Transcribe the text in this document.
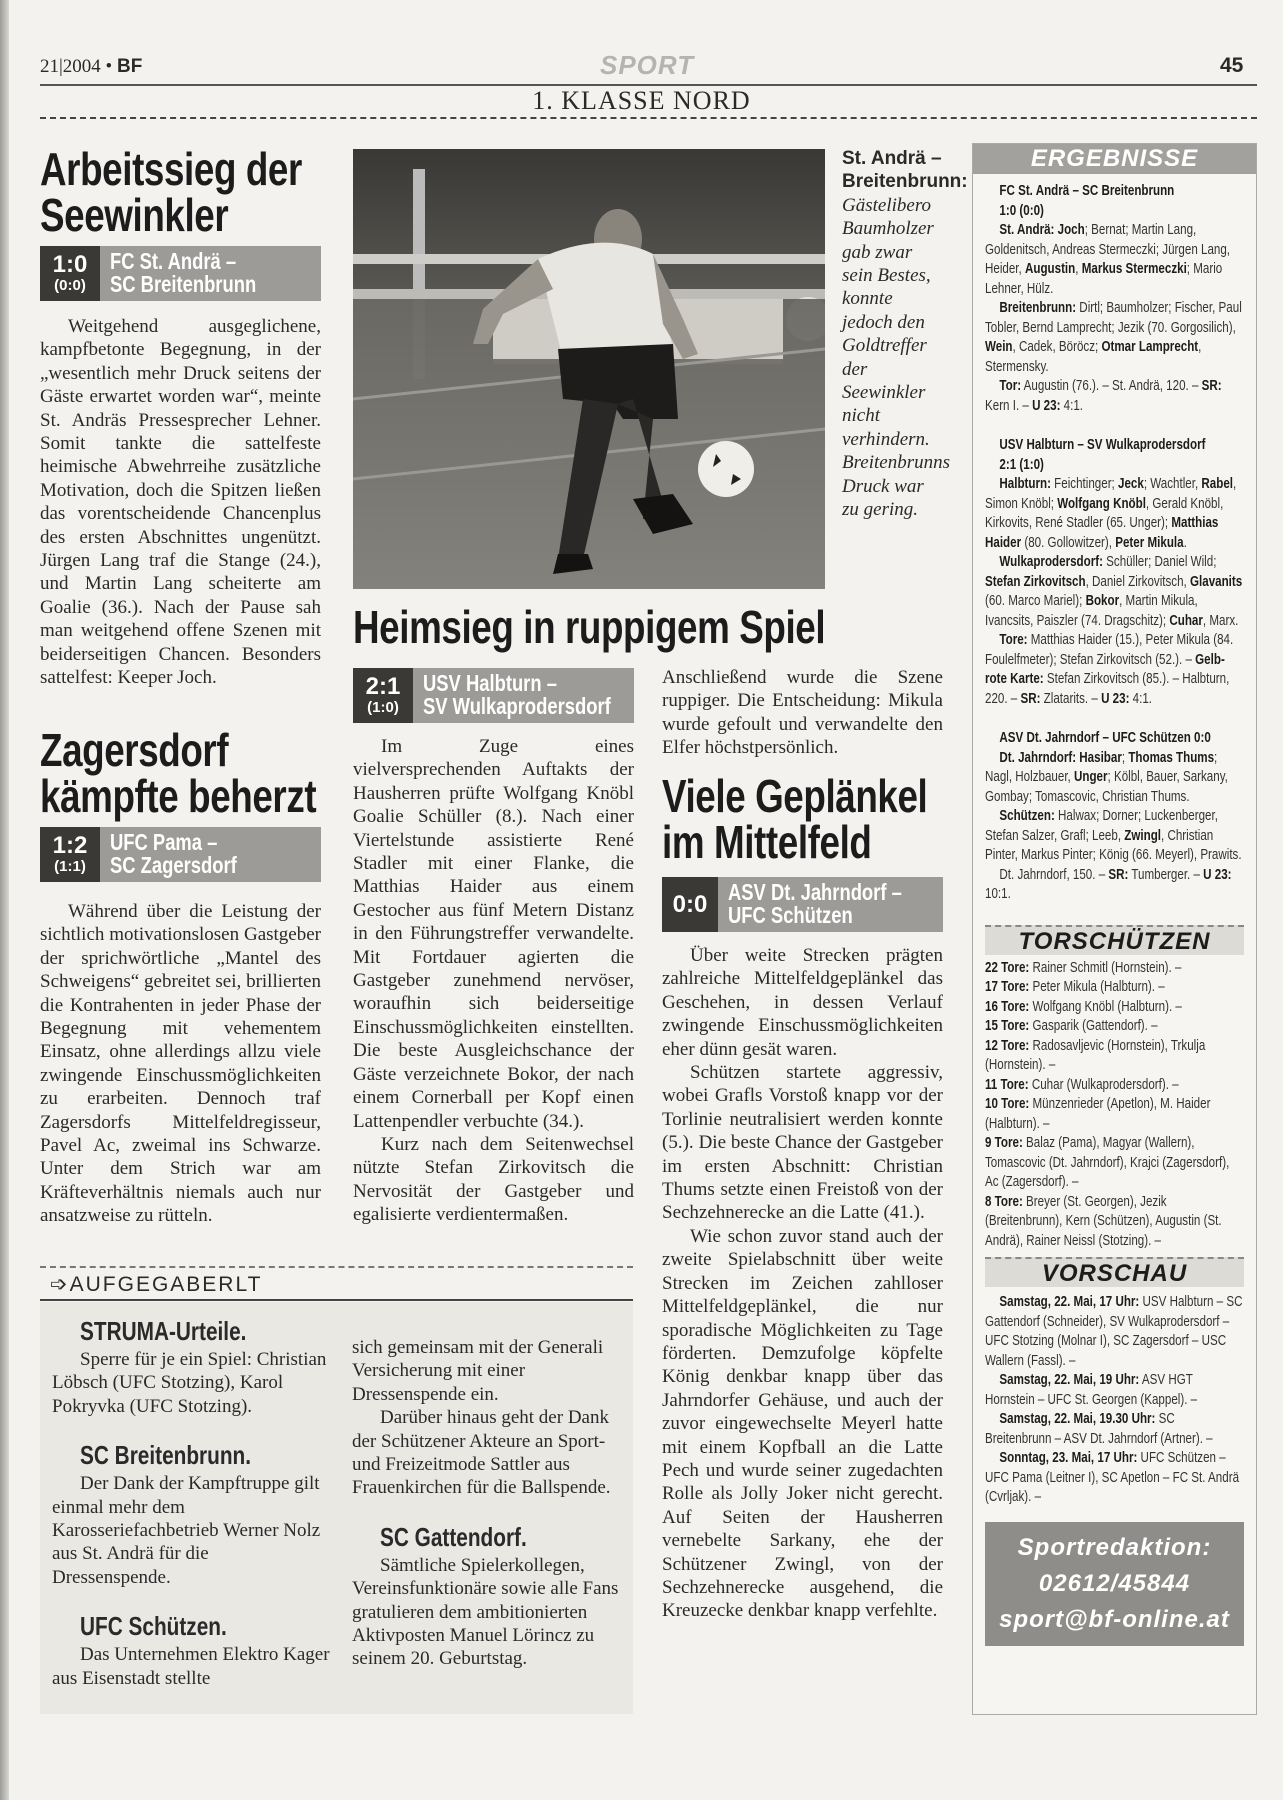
21|2004 • BF	SPORT	45
1. KLASSE NORD
Arbeitssieg der
Seewinkler
1:0
(0:0)
FC St. Andrä –
SC Breitenbrunn

Weitgehend ausgeglichene, kampfbetonte Begegnung, in der „wesentlich mehr Druck seitens der Gäste erwartet worden war“, meinte St. Andräs Pressesprecher Lehner. Somit tankte die sattelfeste heimische Abwehrreihe zusätzliche Motivation, doch die Spitzen ließen das vorentscheidende Chancenplus des ersten Abschnittes ungenützt. Jürgen Lang traf die Stange (24.), und Martin Lang scheiterte am Goalie (36.). Nach der Pause sah man weitgehend offene Szenen mit beiderseitigen Chancen. Besonders sattelfest: Keeper Joch.

Zagersdorf
kämpfte beherzt
1:2
(1:1)
UFC Pama –
SC Zagersdorf

Während über die Leistung der sichtlich motivationslosen Gastgeber der sprichwörtliche „Mantel des Schweigens“ gebreitet sei, brillierten die Kontrahenten in jeder Phase der Begegnung mit vehementem Einsatz, ohne allerdings allzu viele zwingende Einschussmöglichkeiten zu erarbeiten. Dennoch traf Zagersdorfs Mittelfeldregisseur, Pavel Ac, zweimal ins Schwarze. Unter dem Strich war am Kräfteverhältnis niemals auch nur ansatzweise zu rütteln.

St. Andrä – Breitenbrunn: Gästelibero Baumholzer gab zwar sein Bestes, konnte jedoch den Goldtreffer der Seewinkler nicht verhindern. Breitenbrunns Druck war zu gering.
Heimsieg in ruppigem Spiel
2:1
(1:0)
USV Halbturn –
SV Wulkaprodersdorf

Im Zuge eines vielversprechenden Auftakts der Hausherren prüfte Wolfgang Knöbl Goalie Schüller (8.). Nach einer Viertelstunde assistierte René Stadler mit einer Flanke, die Matthias Haider aus einem Gestocher aus fünf Metern Distanz in den Führungstreffer verwandelte. Mit Fortdauer agierten die Gastgeber zunehmend nervöser, woraufhin sich beiderseitige Einschussmöglichkeiten einstellten. Die beste Ausgleichschance der Gäste verzeichnete Bokor, der nach einem Cornerball per Kopf einen Lattenpendler verbuchte (34.).

Kurz nach dem Seitenwechsel nützte Stefan Zirkovitsch die Nervosität der Gastgeber und egalisierte verdientermaßen.

Anschließend wurde die Szene ruppiger. Die Entscheidung: Mikula wurde gefoult und verwandelte den Elfer höchstpersönlich.

Viele Geplänkel
im Mittelfeld
0:0 ASV Dt. Jahrndorf –
UFC Schützen

Über weite Strecken prägten zahlreiche Mittelfeldgeplänkel das Geschehen, in dessen Verlauf zwingende Einschussmöglichkeiten eher dünn gesät waren.

Schützen startete aggressiv, wobei Grafls Vorstoß knapp vor der Torlinie neutralisiert werden konnte (5.). Die beste Chance der Gastgeber im ersten Abschnitt: Christian Thums setzte einen Freistoß von der Sechzehnerecke an die Latte (41.).

Wie schon zuvor stand auch der zweite Spielabschnitt über weite Strecken im Zeichen zahlloser Mittelfeldgeplänkel, die nur sporadische Möglichkeiten zu Tage förderten. Demzufolge köpfelte König denkbar knapp über das Jahrndorfer Gehäuse, und auch der zuvor eingewechselte Meyerl hatte mit einem Kopfball an die Latte Pech und wurde seiner zugedachten Rolle als Jolly Joker nicht gerecht. Auf Seiten der Hausherren vernebelte Sarkany, ehe der Schützener Zwingl, von der Sechzehnerecke ausgehend, die Kreuzecke denkbar knapp verfehlte.

➩AUFGEGABERLT
STRUMA-Urteile.

Sperre für je ein Spiel: Christian Löbsch (UFC Stotzing), Karol Pokryvka (UFC Stotzing).

SC Breitenbrunn.

Der Dank der Kampftruppe gilt einmal mehr dem Karosseriefachbetrieb Werner Nolz aus St. Andrä für die Dressenspende.

UFC Schützen.

Das Unternehmen Elektro Kager aus Eisenstadt stellte

sich gemeinsam mit der Generali Versicherung mit einer Dressenspende ein.

Darüber hinaus geht der Dank der Schützener Akteure an Sport- und Freizeitmode Sattler aus Frauenkirchen für die Ballspende.

SC Gattendorf.

Sämtliche Spielerkollegen, Vereinsfunktionäre sowie alle Fans gratulieren dem ambitionierten Aktivposten Manuel Lörincz zu seinem 20. Geburtstag.

ERGEBNISSE
FC St. Andrä – SC Breitenbrunn
1:0 (0:0)

St. Andrä: Joch; Bernat; Martin Lang, Goldenitsch, Andreas Stermeczki; Jürgen Lang, Heider, Augustin, Markus Stermeczki; Mario Lehner, Hülz.

Breitenbrunn: Dirtl; Baumholzer; Fischer, Paul Tobler, Bernd Lamprecht; Jezik (70. Gorgosilich), Wein, Cadek, Böröcz; Otmar Lamprecht, Stermensky.

Tor: Augustin (76.). – St. Andrä, 120. – SR: Kern I. – U 23: 4:1.

USV Halbturn – SV Wulkaprodersdorf
2:1 (1:0)

Halbturn: Feichtinger; Jeck; Wachtler, Rabel, Simon Knöbl; Wolfgang Knöbl, Gerald Knöbl, Kirkovits, René Stadler (65. Unger); Matthias Haider (80. Gollowitzer), Peter Mikula.

Wulkaprodersdorf: Schüller; Daniel Wild; Stefan Zirkovitsch, Daniel Zirkovitsch, Glavanits (60. Marco Mariel); Bokor, Martin Mikula, Ivancsits, Paiszler (74. Dragschitz); Cuhar, Marx.

Tore: Matthias Haider (15.), Peter Mikula (84. Foulelfmeter); Stefan Zirkovitsch (52.). – Gelb-rote Karte: Stefan Zirkovitsch (85.). – Halbturn, 220. – SR: Zlatarits. – U 23: 4:1.

ASV Dt. Jahrndorf – UFC Schützen 0:0

Dt. Jahrndorf: Hasibar; Thomas Thums; Nagl, Holzbauer, Unger; Kölbl, Bauer, Sarkany, Gombay; Tomascovic, Christian Thums.

Schützen: Halwax; Dorner; Luckenberger, Stefan Salzer, Grafl; Leeb, Zwingl, Christian Pinter, Markus Pinter; König (66. Meyerl), Prawits.

Dt. Jahrndorf, 150. – SR: Tumberger. – U 23: 10:1.

TORSCHÜTZEN

22 Tore: Rainer Schmitl (Hornstein). –

17 Tore: Peter Mikula (Halbturn). –

16 Tore: Wolfgang Knöbl (Halbturn). –

15 Tore: Gasparik (Gattendorf). –

12 Tore: Radosavljevic (Hornstein), Trkulja (Hornstein). –

11 Tore: Cuhar (Wulkaprodersdorf). –

10 Tore: Münzenrieder (Apetlon), M. Haider (Halbturn). –

9 Tore: Balaz (Pama), Magyar (Wallern), Tomascovic (Dt. Jahrndorf), Krajci (Zagersdorf), Ac (Zagersdorf). –

8 Tore: Breyer (St. Georgen), Jezik (Breitenbrunn), Kern (Schützen), Augustin (St. Andrä), Rainer Neissl (Stotzing). –

VORSCHAU

Samstag, 22. Mai, 17 Uhr: USV Halbturn – SC Gattendorf (Schneider), SV Wulkaprodersdorf – UFC Stotzing (Molnar I), SC Zagersdorf – USC Wallern (Fassl). –

Samstag, 22. Mai, 19 Uhr: ASV HGT Hornstein – UFC St. Georgen (Kappel). –

Samstag, 22. Mai, 19.30 Uhr: SC Breitenbrunn – ASV Dt. Jahrndorf (Artner). –

Sonntag, 23. Mai, 17 Uhr: UFC Schützen – UFC Pama (Leitner I), SC Apetlon – FC St. Andrä (Cvrljak). –

Sportredaktion:
02612/45844
sport@bf-online.at
